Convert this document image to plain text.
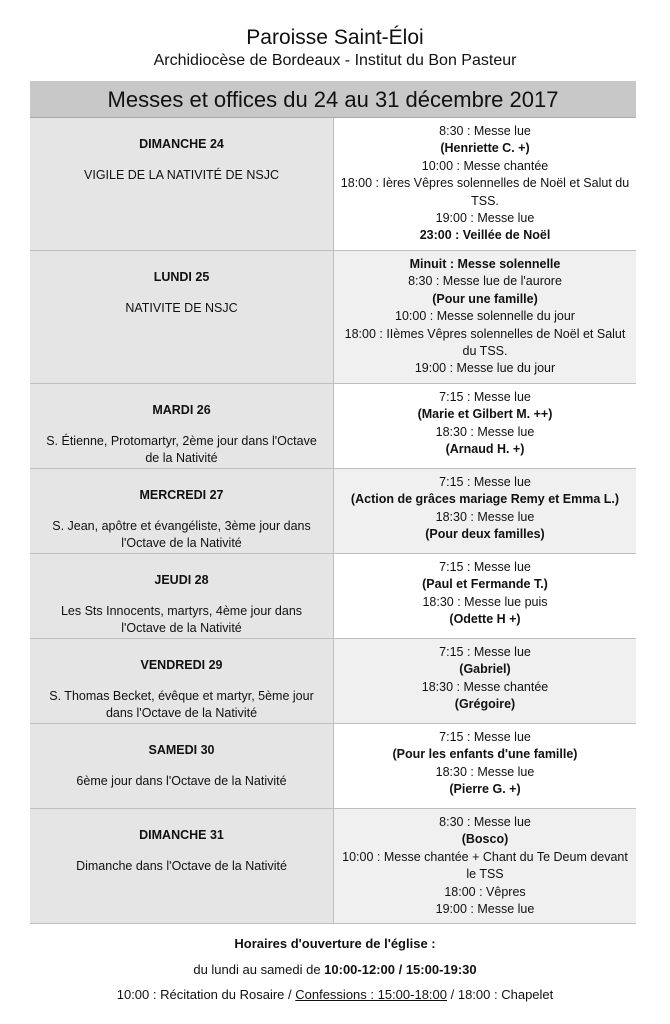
Paroisse Saint-Éloi
Archidiocèse de Bordeaux - Institut du Bon Pasteur
Messes et offices du 24 au 31 décembre 2017
DIMANCHE 24
VIGILE DE LA NATIVITÉ DE NSJC
8:30 : Messe lue
(Henriette C. +)
10:00 : Messe chantée
18:00 : Ières Vêpres solennelles de Noël et Salut du TSS.
19:00 : Messe lue
23:00 : Veillée de Noël
LUNDI 25
NATIVITE DE NSJC
Minuit : Messe solennelle
8:30 : Messe lue de l'aurore
(Pour une famille)
10:00 : Messe solennelle du jour
18:00 : IIèmes Vêpres solennelles de Noël et Salut du TSS.
19:00 : Messe lue du jour
MARDI 26
S. Étienne, Protomartyr, 2ème jour dans l'Octave de la Nativité
7:15 : Messe lue
(Marie et Gilbert M. ++)
18:30 : Messe lue
(Arnaud H. +)
MERCREDI 27
S. Jean, apôtre et évangéliste, 3ème jour dans l'Octave de la Nativité
7:15 : Messe lue
(Action de grâces mariage Remy et Emma L.)
18:30 : Messe lue
(Pour deux familles)
JEUDI 28
Les Sts Innocents, martyrs, 4ème jour dans l'Octave de la Nativité
7:15 : Messe lue
(Paul et Fermande T.)
18:30 : Messe lue puis
(Odette H +)
VENDREDI 29
S. Thomas Becket, évêque et martyr, 5ème jour dans l'Octave de la Nativité
7:15 : Messe lue
(Gabriel)
18:30 : Messe chantée
(Grégoire)
SAMEDI 30
6ème jour dans l'Octave de la Nativité
7:15 : Messe lue
(Pour les enfants d'une famille)
18:30 : Messe lue
(Pierre G. +)
DIMANCHE 31
Dimanche dans l'Octave de la Nativité
8:30 : Messe lue
(Bosco)
10:00 : Messe chantée + Chant du Te Deum devant le TSS
18:00 : Vêpres
19:00 : Messe lue
Horaires d'ouverture de l'église :
du lundi au samedi de 10:00-12:00 / 15:00-19:30
10:00 : Récitation du Rosaire / Confessions : 15:00-18:00 / 18:00 : Chapelet
